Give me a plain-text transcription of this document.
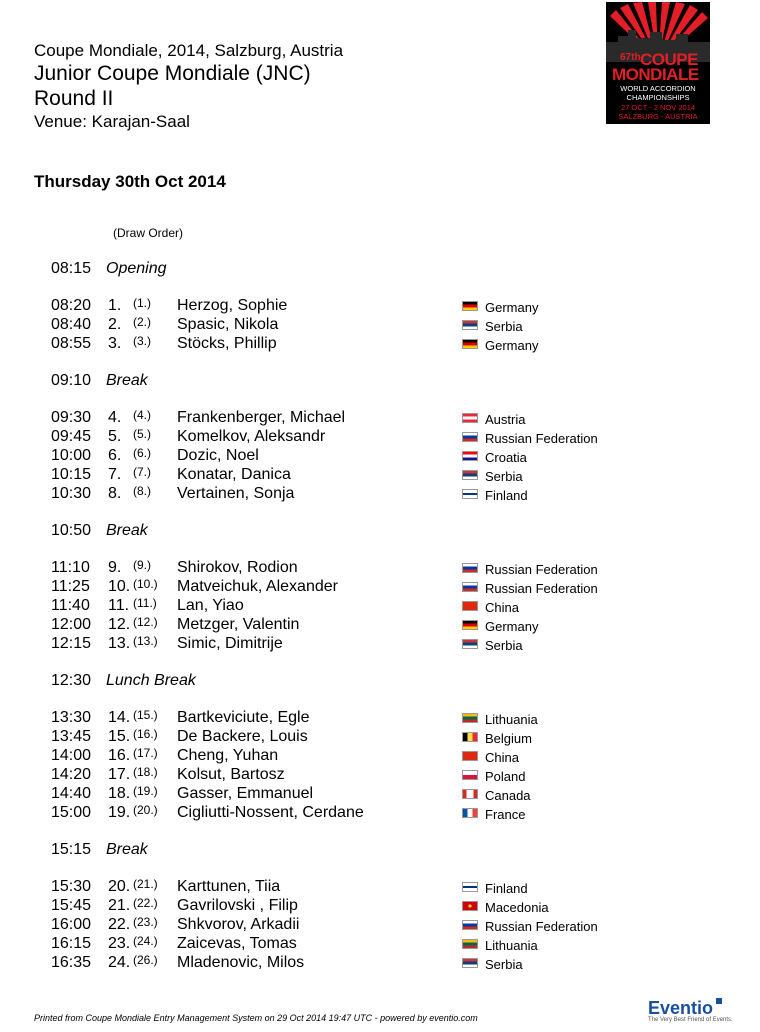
Coupe Mondiale, 2014, Salzburg, Austria
Junior Coupe Mondiale (JNC)
Round II
Venue: Karajan-Saal
67th COUPE
MONDIALE
WORLD ACCORDION
CHAMPIONSHIPS
27 OCT - 2 NOV 2014
SALZBURG - AUSTRIA
Thursday 30th Oct 2014
(Draw Order)
08:15 Opening
08:20 1. (1.) Herzog, Sophie	Germany
08:40 2. (2.) Spasic, Nikola	Serbia
08:55 3. (3.) Stöcks, Phillip	Germany
09:10 Break
09:30 4. (4.) Frankenberger, Michael	Austria
09:45 5. (5.) Komelkov, Aleksandr	Russian Federation
10:00 6. (6.) Dozic, Noel	Croatia
10:15 7. (7.) Konatar, Danica	Serbia
10:30 8. (8.) Vertainen, Sonja	Finland
10:50 Break
11:10 9. (9.) Shirokov, Rodion	Russian Federation
11:25 10. (10.) Matveichuk, Alexander	Russian Federation
11:40 11. (11.) Lan, Yiao	China
12:00 12. (12.) Metzger, Valentin	Germany
12:15 13. (13.) Simic, Dimitrije	Serbia
12:30 Lunch Break
13:30 14. (15.) Bartkeviciute, Egle	Lithuania
13:45 15. (16.) De Backere, Louis	Belgium
14:00 16. (17.) Cheng, Yuhan	China
14:20 17. (18.) Kolsut, Bartosz	Poland
14:40 18. (19.) Gasser, Emmanuel	Canada
15:00 19. (20.) Cigliutti-Nossent, Cerdane	France
15:15 Break
15:30 20. (21.) Karttunen, Tiia	Finland
15:45 21. (22.) Gavrilovski , Filip	Macedonia
16:00 22. (23.) Shkvorov, Arkadii	Russian Federation
16:15 23. (24.) Zaicevas, Tomas	Lithuania
16:35 24. (26.) Mladenovic, Milos	Serbia
Printed from Coupe Mondiale Entry Management System on 29 Oct 2014 19:47 UTC - powered by eventio.com	Eventio
The Very Best Friend of Events.
